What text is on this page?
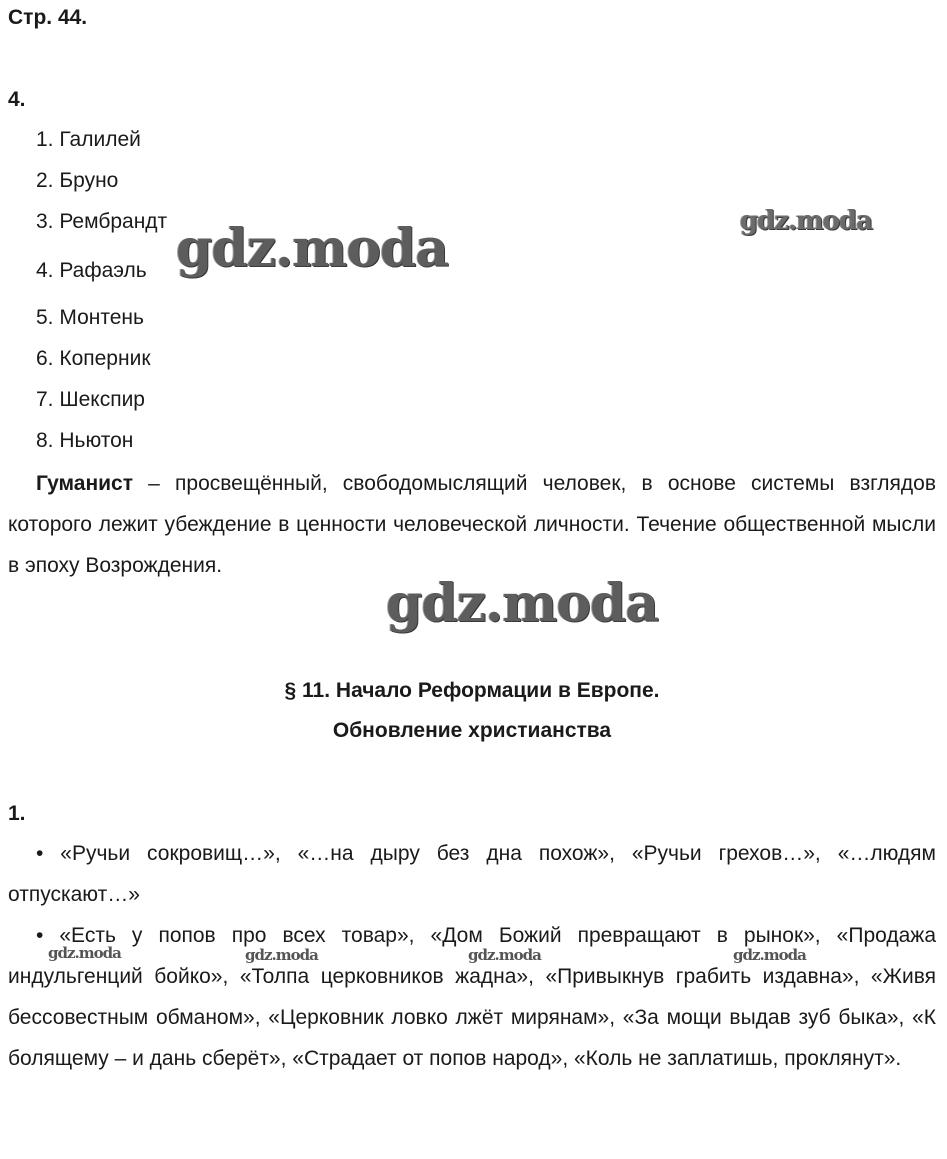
Стр. 44.
4.
1. Галилей
2. Бруно
3. Рембрандт
4. Рафаэль
5. Монтень
6. Коперник
7. Шекспир
8. Ньютон

Гуманист – просвещённый, свободомыслящий человек, в основе системы взглядов которого лежит убеждение в ценности человеческой личности. Течение общественной мысли в эпоху Возрождения.

§ 11. Начало Реформации в Европе.
Обновление христианства
1.

• «Ручьи сокровищ…», «…на дыру без дна похож», «Ручьи грехов…», «…людям отпускают…»

• «Есть у попов про всех товар», «Дом Божий превращают в рынок», «Продажа индульгенций бойко», «Толпа церковников жадна», «Привыкнув грабить издавна», «Живя бессовестным обманом», «Церковник ловко лжёт мирянам», «За мощи выдав зуб быка», «К болящему – и дань сберёт», «Страдает от попов народ», «Коль не заплатишь, проклянут».

gdz.moda	gdz.moda
gdz.moda
gdz.moda	gdz.moda	gdz.moda	gdz.moda
